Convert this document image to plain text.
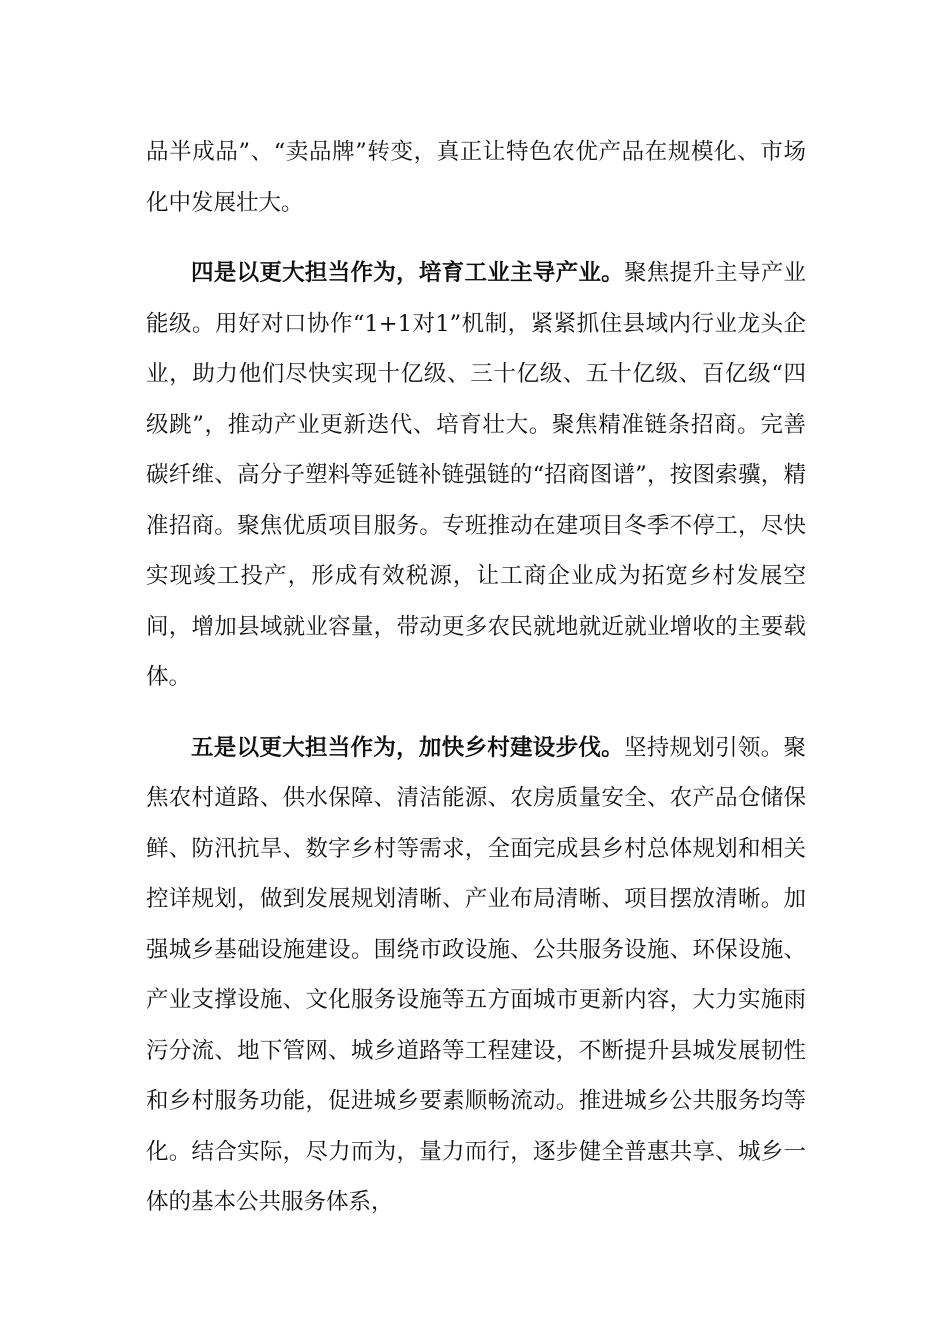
品半成品”、“卖品牌”转变，真正让特色农优产品在规模化、市场化中发展壮大。

四是以更大担当作为，培育工业主导产业。聚焦提升主导产业能级。用好对口协作“1+1对1”机制，紧紧抓住县域内行业龙头企业，助力他们尽快实现十亿级、三十亿级、五十亿级、百亿级“四级跳”，推动产业更新迭代、培育壮大。聚焦精准链条招商。完善碳纤维、高分子塑料等延链补链强链的“招商图谱”，按图索骥，精准招商。聚焦优质项目服务。专班推动在建项目冬季不停工，尽快实现竣工投产，形成有效税源，让工商企业成为拓宽乡村发展空间，增加县域就业容量，带动更多农民就地就近就业增收的主要载体。

五是以更大担当作为，加快乡村建设步伐。坚持规划引领。聚焦农村道路、供水保障、清洁能源、农房质量安全、农产品仓储保鲜、防汛抗旱、数字乡村等需求，全面完成县乡村总体规划和相关控详规划，做到发展规划清晰、产业布局清晰、项目摆放清晰。加强城乡基础设施建设。围绕市政设施、公共服务设施、环保设施、产业支撑设施、文化服务设施等五方面城市更新内容，大力实施雨污分流、地下管网、城乡道路等工程建设，不断提升县城发展韧性和乡村服务功能，促进城乡要素顺畅流动。推进城乡公共服务均等化。结合实际，尽力而为，量力而行，逐步健全普惠共享、城乡一体的基本公共服务体系，
